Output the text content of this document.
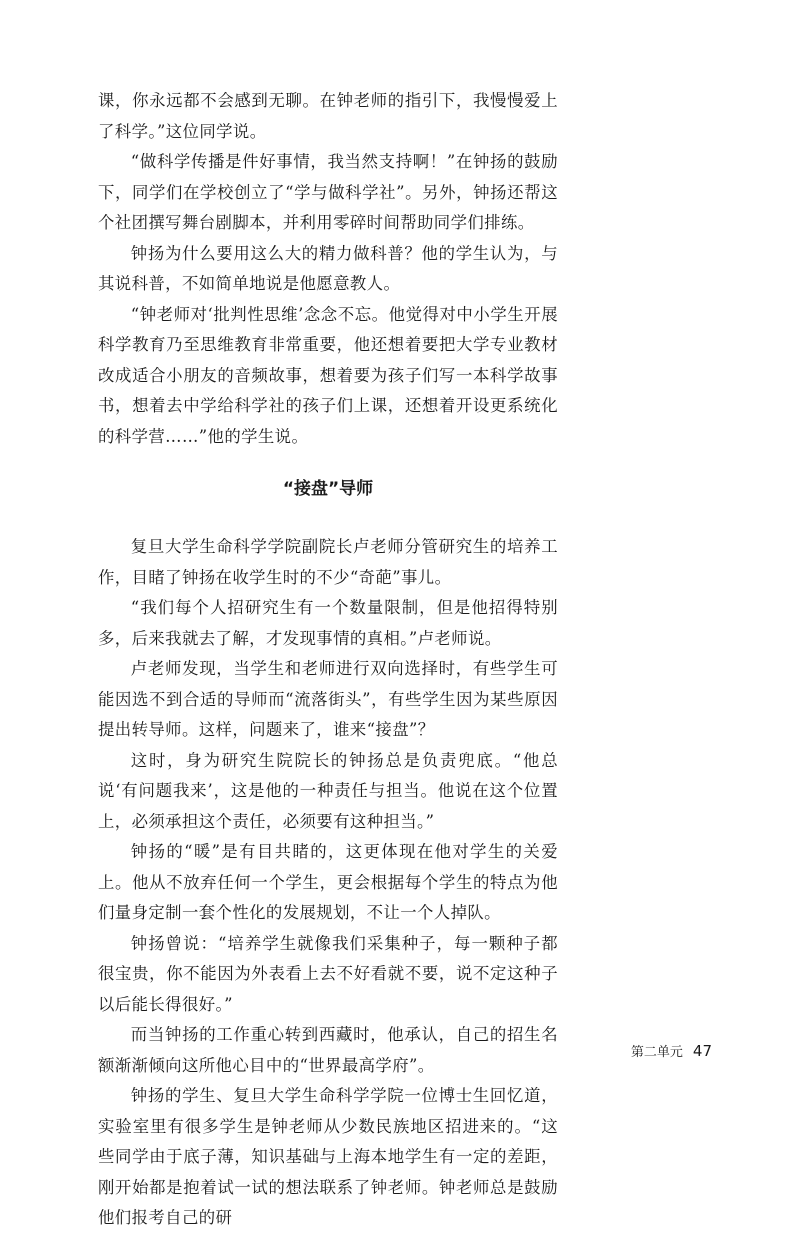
课，你永远都不会感到无聊。在钟老师的指引下，我慢慢爱上了科学。”这位同学说。

“做科学传播是件好事情，我当然支持啊！”在钟扬的鼓励下，同学们在学校创立了“学与做科学社”。另外，钟扬还帮这个社团撰写舞台剧脚本，并利用零碎时间帮助同学们排练。

钟扬为什么要用这么大的精力做科普？他的学生认为，与其说科普，不如简单地说是他愿意教人。

“钟老师对‘批判性思维’念念不忘。他觉得对中小学生开展科学教育乃至思维教育非常重要，他还想着要把大学专业教材改成适合小朋友的音频故事，想着要为孩子们写一本科学故事书，想着去中学给科学社的孩子们上课，还想着开设更系统化的科学营……”他的学生说。

“接盘”导师

复旦大学生命科学学院副院长卢老师分管研究生的培养工作，目睹了钟扬在收学生时的不少“奇葩”事儿。

“我们每个人招研究生有一个数量限制，但是他招得特别多，后来我就去了解，才发现事情的真相。”卢老师说。

卢老师发现，当学生和老师进行双向选择时，有些学生可能因选不到合适的导师而“流落街头”，有些学生因为某些原因提出转导师。这样，问题来了，谁来“接盘”？

这时，身为研究生院院长的钟扬总是负责兜底。“他总说‘有问题我来’，这是他的一种责任与担当。他说在这个位置上，必须承担这个责任，必须要有这种担当。”

钟扬的“暖”是有目共睹的，这更体现在他对学生的关爱上。他从不放弃任何一个学生，更会根据每个学生的特点为他们量身定制一套个性化的发展规划，不让一个人掉队。

钟扬曾说：“培养学生就像我们采集种子，每一颗种子都很宝贵，你不能因为外表看上去不好看就不要，说不定这种子以后能长得很好。”

而当钟扬的工作重心转到西藏时，他承认，自己的招生名额渐渐倾向这所他心目中的“世界最高学府”。

钟扬的学生、复旦大学生命科学学院一位博士生回忆道，实验室里有很多学生是钟老师从少数民族地区招进来的。“这些同学由于底子薄，知识基础与上海本地学生有一定的差距，刚开始都是抱着试一试的想法联系了钟老师。钟老师总是鼓励他们报考自己的研

第二单元 47
